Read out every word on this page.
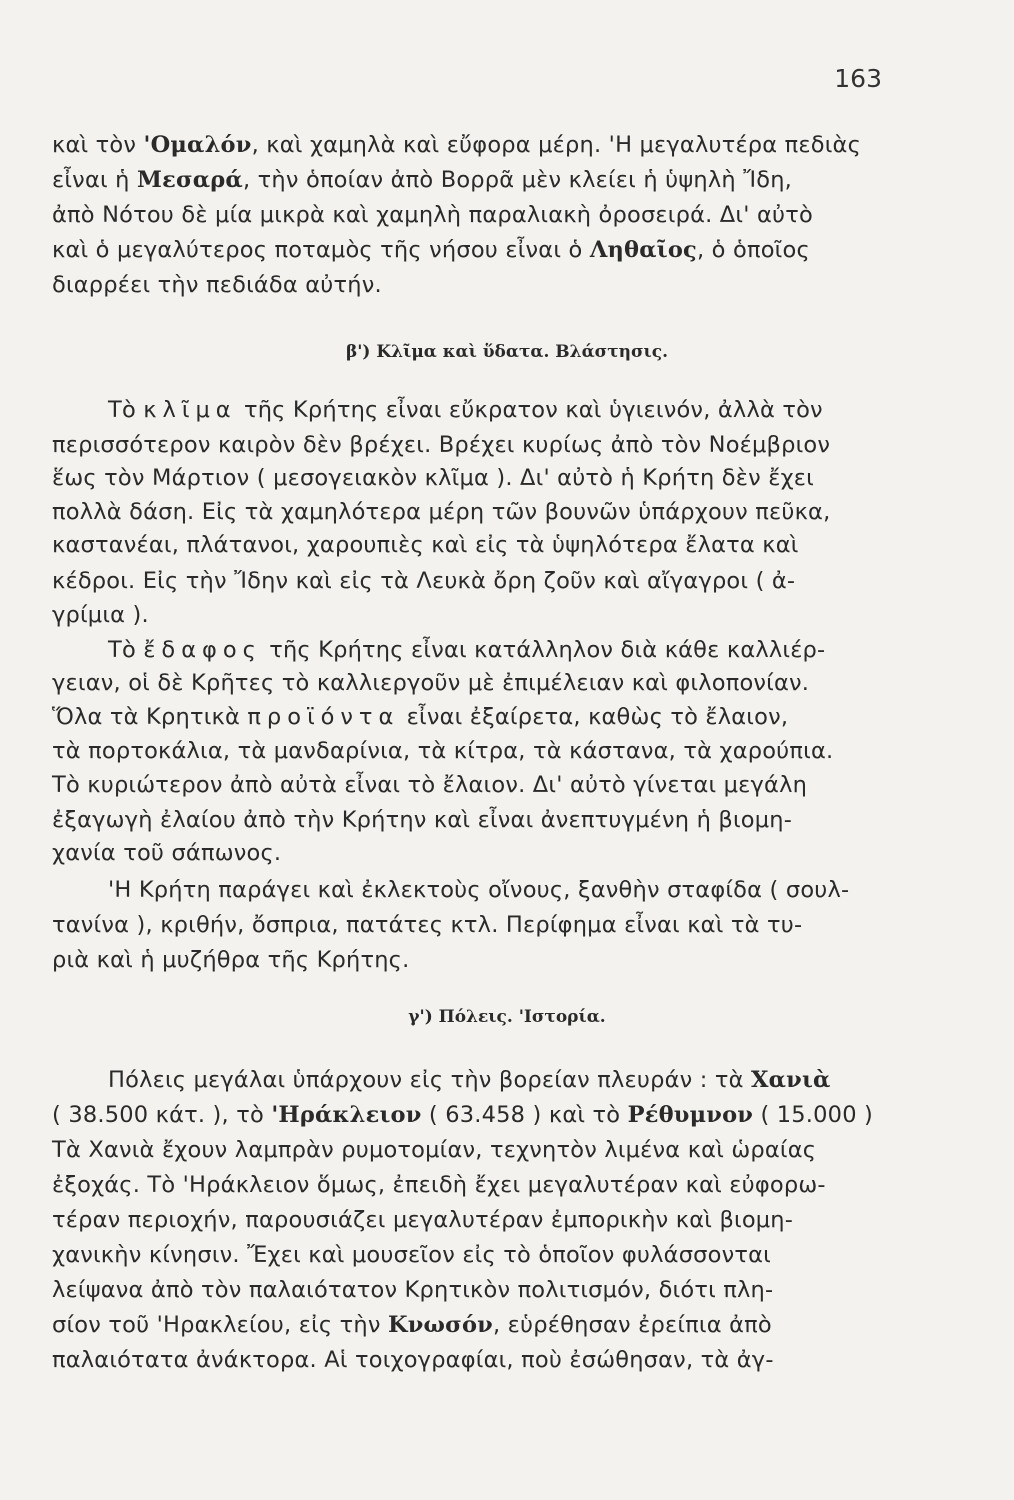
163
β') Κλῖμα καὶ ὕδατα. Βλάστησις.
γ') Πόλεις. 'Ιστορία.
καὶ τὸν 'Ομαλόν, καὶ χαμηλὰ καὶ εὔφορα μέρη. 'Η μεγαλυτέρα πεδιὰς
εἶναι ἡ Μεσαρά, τὴν ὁποίαν ἀπὸ Βορρᾶ μὲν κλείει ἡ ὑψηλὴ Ἴδη,
ἀπὸ Νότου δὲ μία μικρὰ καὶ χαμηλὴ παραλιακὴ ὀροσειρά. Δι' αὐτὸ
καὶ ὁ μεγαλύτερος ποταμὸς τῆς νήσου εἶναι ὁ Ληθαῖος, ὁ ὁποῖος
διαρρέει τὴν πεδιάδα αὐτήν.
Τὸ κλῖμα τῆς Κρήτης εἶναι εὔκρατον καὶ ὑγιεινόν, ἀλλὰ τὸν
περισσότερον καιρὸν δὲν βρέχει. Βρέχει κυρίως ἀπὸ τὸν Νοέμβριον
ἕως τὸν Μάρτιον ( μεσογειακὸν κλῖμα ). Δι' αὐτὸ ἡ Κρήτη δὲν ἔχει
πολλὰ δάση. Εἰς τὰ χαμηλότερα μέρη τῶν βουνῶν ὑπάρχουν πεῦκα,
καστανέαι, πλάτανοι, χαρουπιὲς καὶ εἰς τὰ ὑψηλότερα ἔλατα καὶ
κέδροι. Εἰς τὴν Ἴδην καὶ εἰς τὰ Λευκὰ ὄρη ζοῦν καὶ αἴγαγροι ( ἀ-
γρίμια ).
Τὸ ἔδαφος τῆς Κρήτης εἶναι κατάλληλον διὰ κάθε καλλιέρ-
γειαν, οἱ δὲ Κρῆτες τὸ καλλιεργοῦν μὲ ἐπιμέλειαν καὶ φιλοπονίαν.
Ὅλα τὰ Κρητικὰ προϊόντα εἶναι ἐξαίρετα, καθὼς τὸ ἔλαιον,
τὰ πορτοκάλια, τὰ μανδαρίνια, τὰ κίτρα, τὰ κάστανα, τὰ χαρούπια.
Τὸ κυριώτερον ἀπὸ αὐτὰ εἶναι τὸ ἔλαιον. Δι' αὐτὸ γίνεται μεγάλη
ἐξαγωγὴ ἐλαίου ἀπὸ τὴν Κρήτην καὶ εἶναι ἀνεπτυγμένη ἡ βιομη-
χανία τοῦ σάπωνος.
'Η Κρήτη παράγει καὶ ἐκλεκτοὺς οἴνους, ξανθὴν σταφίδα ( σουλ-
τανίνα ), κριθήν, ὄσπρια, πατάτες κτλ. Περίφημα εἶναι καὶ τὰ τυ-
ριὰ καὶ ἡ μυζήθρα τῆς Κρήτης.
Πόλεις μεγάλαι ὑπάρχουν εἰς τὴν βορείαν πλευράν : τὰ Χανιὰ
( 38.500 κάτ. ), τὸ 'Ηράκλειον ( 63.458 ) καὶ τὸ Ρέθυμνον ( 15.000 )
Τὰ Χανιὰ ἔχουν λαμπρὰν ρυμοτομίαν, τεχνητὸν λιμένα καὶ ὡραίας
ἐξοχάς. Τὸ 'Ηράκλειον ὅμως, ἐπειδὴ ἔχει μεγαλυτέραν καὶ εὐφορω-
τέραν περιοχήν, παρουσιάζει μεγαλυτέραν ἐμπορικὴν καὶ βιομη-
χανικὴν κίνησιν. Ἔχει καὶ μουσεῖον εἰς τὸ ὁποῖον φυλάσσονται
λείψανα ἀπὸ τὸν παλαιότατον Κρητικὸν πολιτισμόν, διότι πλη-
σίον τοῦ 'Ηρακλείου, εἰς τὴν Κνωσόν, εὑρέθησαν ἐρείπια ἀπὸ
παλαιότατα ἀνάκτορα. Αἱ τοιχογραφίαι, ποὺ ἐσώθησαν, τὰ ἀγ-
